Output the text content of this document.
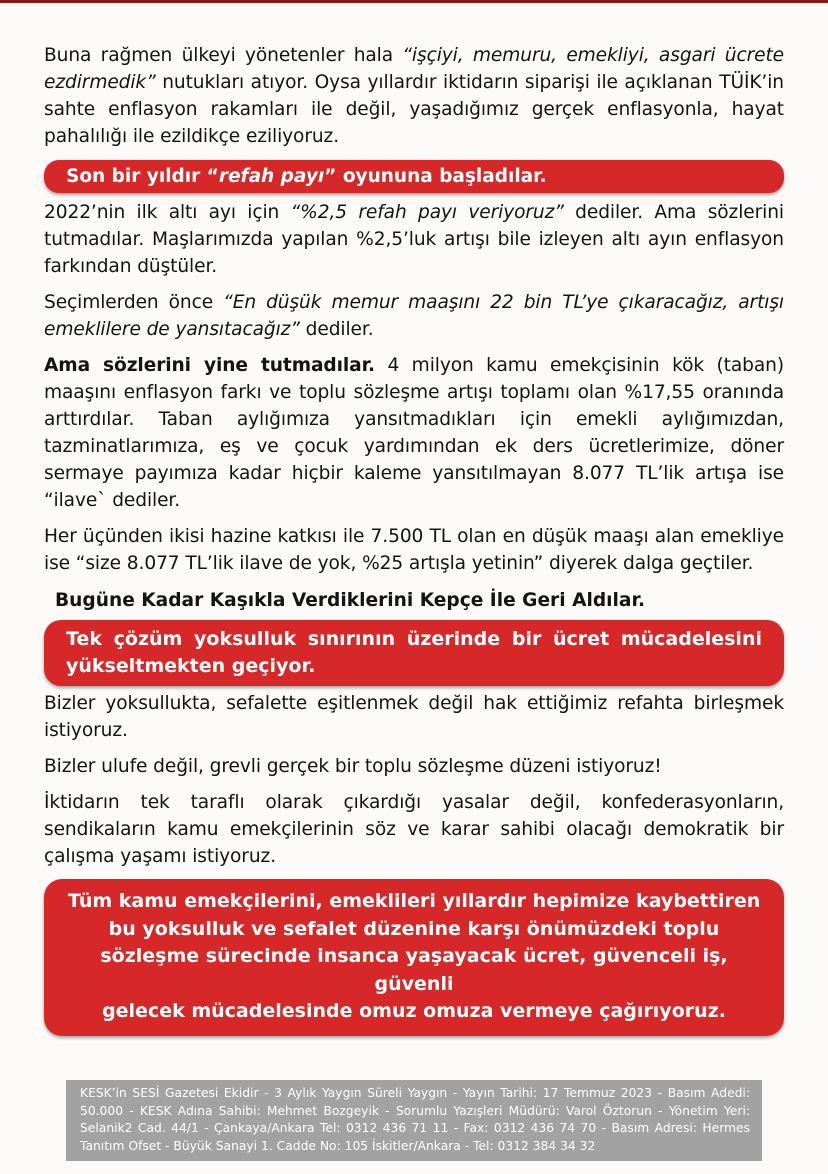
Buna rağmen ülkeyi yönetenler hala “işçiyi, memuru, emekliyi, asgari ücrete ezdirmedik” nutukları atıyor. Oysa yıllardır iktidarın siparişi ile açıklanan TÜİK’in sahte enflasyon rakamları ile değil, yaşadığımız gerçek enflasyonla, hayat pahalılığı ile ezildikçe eziliyoruz.

Son bir yıldır “refah payı” oyununa başladılar.

2022’nin ilk altı ayı için “%2,5 refah payı veriyoruz” dediler. Ama sözlerini tutmadılar. Maşlarımızda yapılan %2,5’luk artışı bile izleyen altı ayın enflasyon farkından düştüler.

Seçimlerden önce “En düşük memur maaşını 22 bin TL’ye çıkaracağız, artışı emeklilere de yansıtacağız” dediler.

Ama sözlerini yine tutmadılar. 4 milyon kamu emekçisinin kök (taban) maaşını enflasyon farkı ve toplu sözleşme artışı toplamı olan %17,55 oranında arttırdılar. Taban aylığımıza yansıtmadıkları için emekli aylığımızdan, tazminatlarımıza, eş ve çocuk yardımından ek ders ücretlerimize, döner sermaye payımıza kadar hiçbir kaleme yansıtılmayan 8.077 TL’lik artışa ise “ilave` dediler.

Her üçünden ikisi hazine katkısı ile 7.500 TL olan en düşük maaşı alan emekliye ise “size 8.077 TL’lik ilave de yok, %25 artışla yetinin” diyerek dalga geçtiler.

Bugüne Kadar Kaşıkla Verdiklerini Kepçe İle Geri Aldılar.
Tek çözüm yoksulluk sınırının üzerinde bir ücret mücadelesini yükseltmekten geçiyor.

Bizler yoksullukta, sefalette eşitlenmek değil hak ettiğimiz refahta birleşmek istiyoruz.

Bizler ulufe değil, grevli gerçek bir toplu sözleşme düzeni istiyoruz!

İktidarın tek taraflı olarak çıkardığı yasalar değil, konfederasyonların, sendikaların kamu emekçilerinin söz ve karar sahibi olacağı demokratik bir çalışma yaşamı istiyoruz.

Tüm kamu emekçilerini, emeklileri yıllardır hepimize kaybettiren
bu yoksulluk ve sefalet düzenine karşı önümüzdeki toplu
sözleşme sürecinde insanca yaşayacak ücret, güvenceli iş, güvenli
gelecek mücadelesinde omuz omuza vermeye çağırıyoruz.
KESK’in SESİ Gazetesi Ekidir - 3 Aylık Yaygın Süreli Yaygın - Yayın Tarihi: 17 Temmuz 2023 - Basım Adedi: 50.000 - KESK Adına Sahibi: Mehmet Bozgeyik - Sorumlu Yazışleri Müdürü: Varol Öztorun - Yönetim Yeri: Selanik2 Cad. 44/1 - Çankaya/Ankara Tel: 0312 436 71 11 - Fax: 0312 436 74 70 - Basım Adresi: Hermes Tanıtım Ofset - Büyük Sanayi 1. Cadde No: 105 İskitler/Ankara - Tel: 0312 384 34 32
